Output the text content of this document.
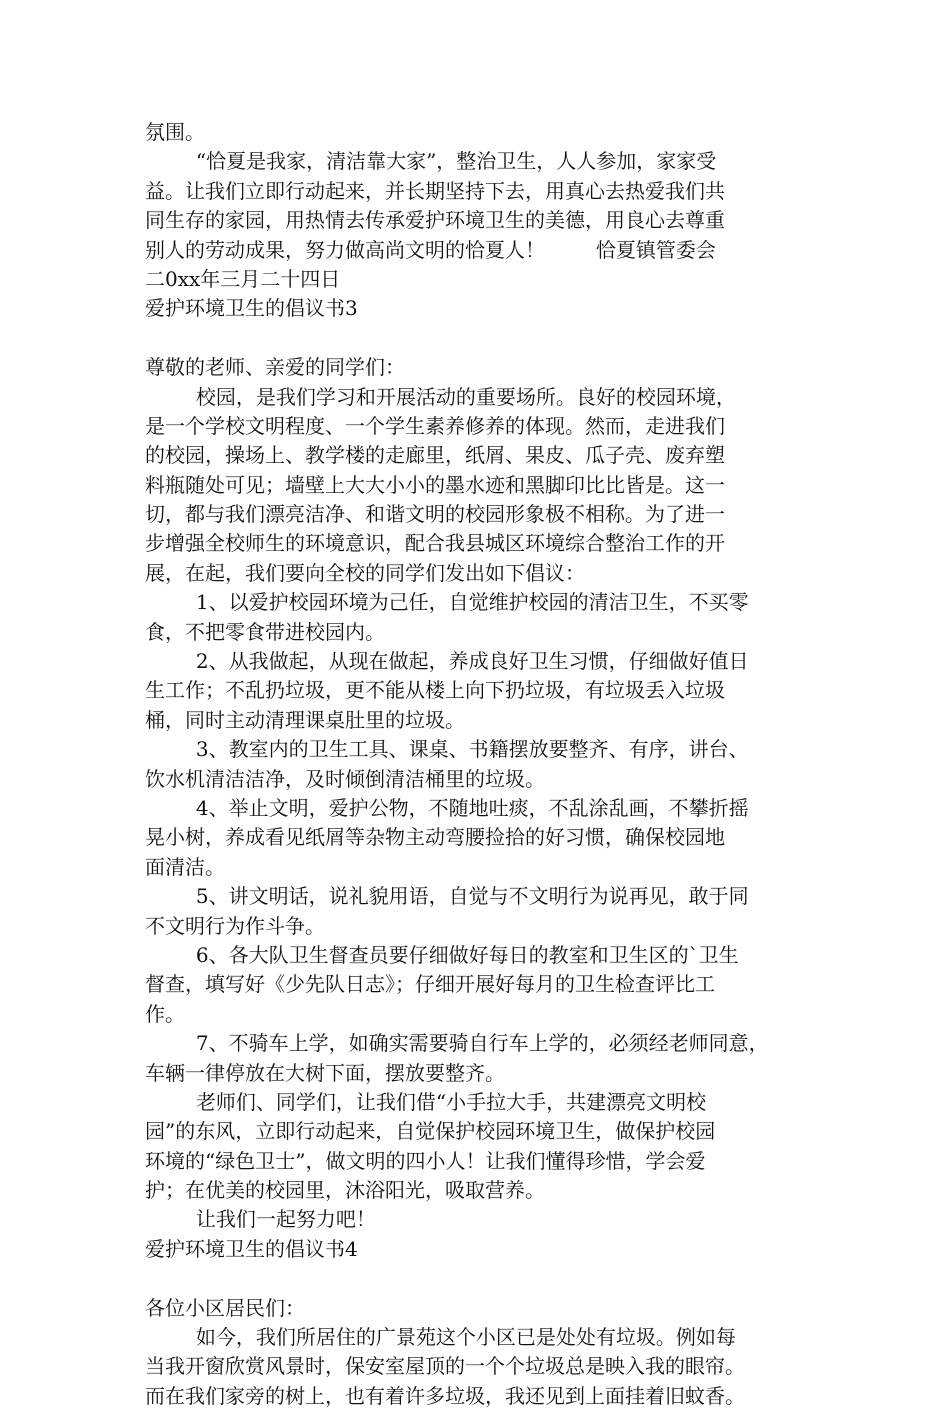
氛围。
“恰夏是我家，清洁靠大家”，整治卫生，人人参加，家家受
益。让我们立即行动起来，并长期坚持下去，用真心去热爱我们共
同生存的家园，用热情去传承爱护环境卫生的美德，用良心去尊重
别人的劳动成果，努力做高尚文明的恰夏人！        恰夏镇管委会
二0xx年三月二十四日
爱护环境卫生的倡议书3
尊敬的老师、亲爱的同学们：
校园，是我们学习和开展活动的重要场所。良好的校园环境，
是一个学校文明程度、一个学生素养修养的体现。然而，走进我们
的校园，操场上、教学楼的走廊里，纸屑、果皮、瓜子壳、废弃塑
料瓶随处可见；墙壁上大大小小的墨水迹和黑脚印比比皆是。这一
切，都与我们漂亮洁净、和谐文明的校园形象极不相称。为了进一
步增强全校师生的环境意识，配合我县城区环境综合整治工作的开
展，在起，我们要向全校的同学们发出如下倡议：
1、以爱护校园环境为己任，自觉维护校园的清洁卫生，不买零
食，不把零食带进校园内。
2、从我做起，从现在做起，养成良好卫生习惯，仔细做好值日
生工作；不乱扔垃圾，更不能从楼上向下扔垃圾，有垃圾丢入垃圾
桶，同时主动清理课桌肚里的垃圾。
3、教室内的卫生工具、课桌、书籍摆放要整齐、有序，讲台、
饮水机清洁洁净，及时倾倒清洁桶里的垃圾。
4、举止文明，爱护公物，不随地吐痰，不乱涂乱画，不攀折摇
晃小树，养成看见纸屑等杂物主动弯腰捡拾的好习惯，确保校园地
面清洁。
5、讲文明话，说礼貌用语，自觉与不文明行为说再见，敢于同
不文明行为作斗争。
6、各大队卫生督查员要仔细做好每日的教室和卫生区的`卫生
督查，填写好《少先队日志》；仔细开展好每月的卫生检查评比工
作。
7、不骑车上学，如确实需要骑自行车上学的，必须经老师同意，
车辆一律停放在大树下面，摆放要整齐。
老师们、同学们，让我们借“小手拉大手，共建漂亮文明校
园”的东风，立即行动起来，自觉保护校园环境卫生，做保护校园
环境的“绿色卫士”，做文明的四小人！让我们懂得珍惜，学会爱
护；在优美的校园里，沐浴阳光，吸取营养。
让我们一起努力吧！
爱护环境卫生的倡议书4
各位小区居民们：
如今，我们所居住的广景苑这个小区已是处处有垃圾。例如每
当我开窗欣赏风景时，保安室屋顶的一个个垃圾总是映入我的眼帘。
而在我们家旁的树上，也有着许多垃圾，我还见到上面挂着旧蚊香。
